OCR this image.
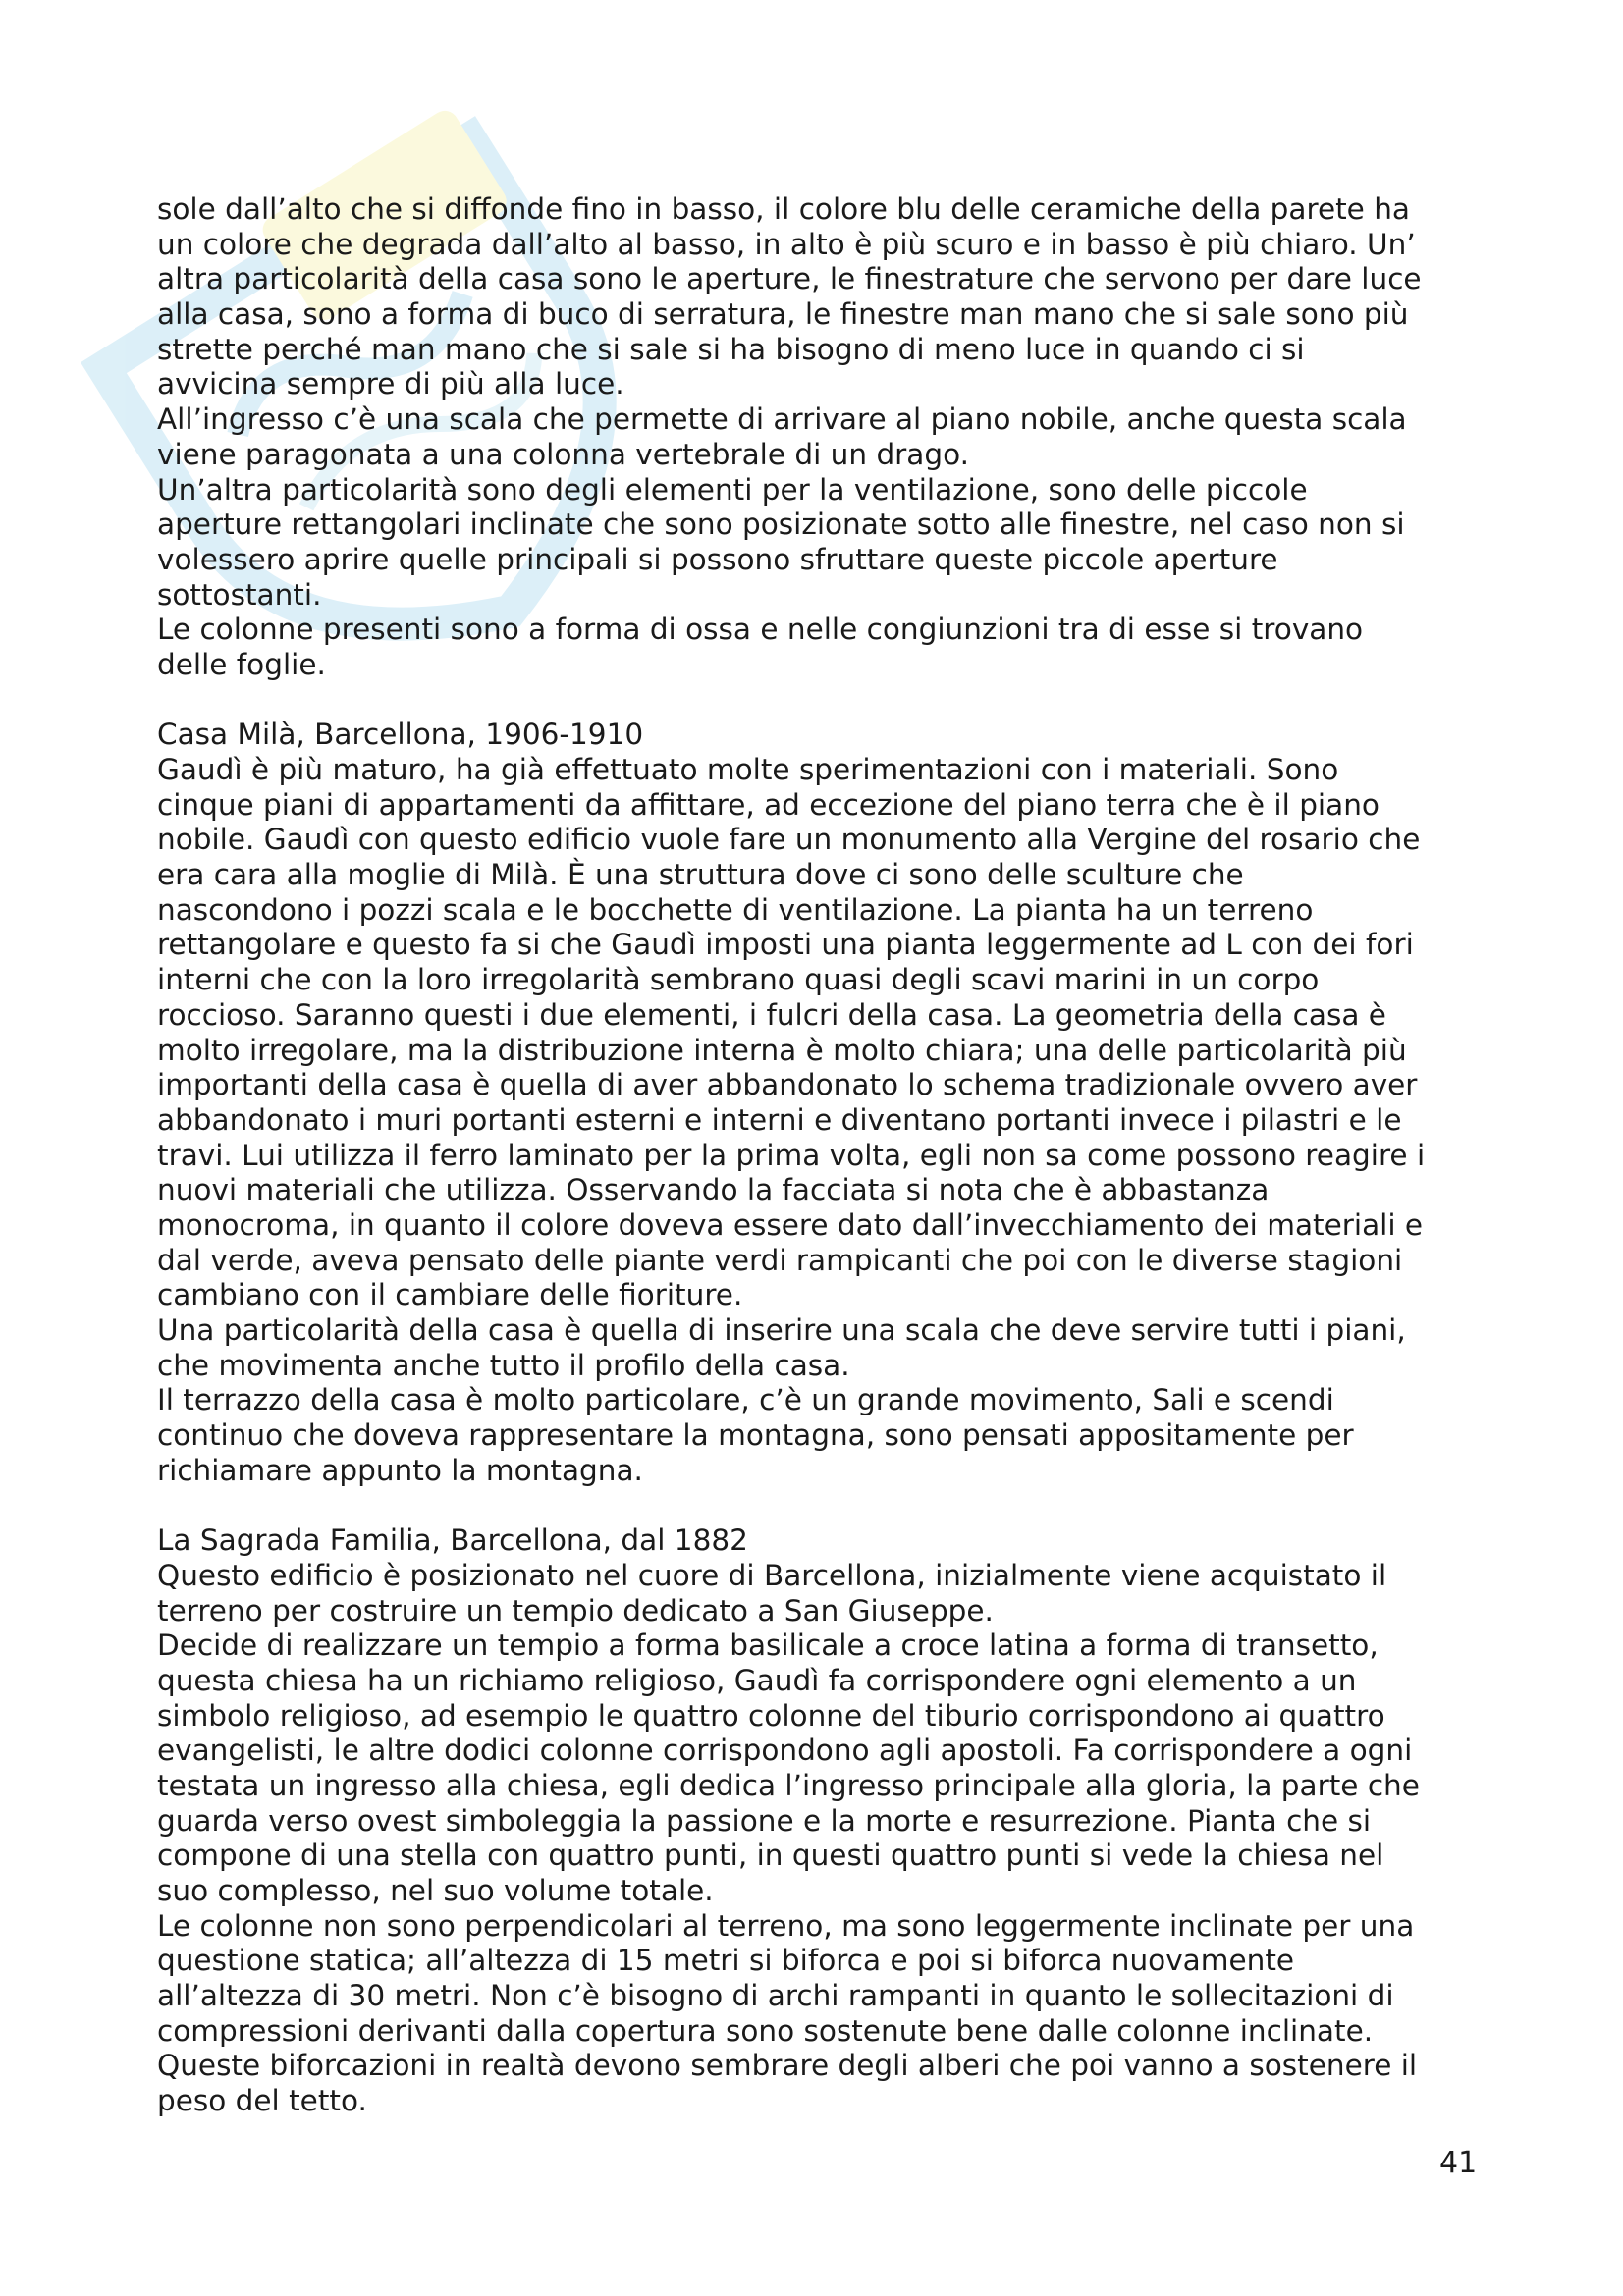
sole dall’alto che si diffonde fino in basso, il colore blu delle ceramiche della parete ha
un colore che degrada dall’alto al basso, in alto è più scuro e in basso è più chiaro. Un’
altra particolarità della casa sono le aperture, le finestrature che servono per dare luce
alla casa, sono a forma di buco di serratura, le finestre man mano che si sale sono più
strette perché man mano che si sale si ha bisogno di meno luce in quando ci si
avvicina sempre di più alla luce.
All’ingresso c’è una scala che permette di arrivare al piano nobile, anche questa scala
viene paragonata a una colonna vertebrale di un drago.
Un’altra particolarità sono degli elementi per la ventilazione, sono delle piccole
aperture rettangolari inclinate che sono posizionate sotto alle finestre, nel caso non si
volessero aprire quelle principali si possono sfruttare queste piccole aperture
sottostanti.
Le colonne presenti sono a forma di ossa e nelle congiunzioni tra di esse si trovano
delle foglie.
Casa Milà, Barcellona, 1906-1910
Gaudì è più maturo, ha già effettuato molte sperimentazioni con i materiali. Sono
cinque piani di appartamenti da affittare, ad eccezione del piano terra che è il piano
nobile. Gaudì con questo edificio vuole fare un monumento alla Vergine del rosario che
era cara alla moglie di Milà. È una struttura dove ci sono delle sculture che
nascondono i pozzi scala e le bocchette di ventilazione. La pianta ha un terreno
rettangolare e questo fa si che Gaudì imposti una pianta leggermente ad L con dei fori
interni che con la loro irregolarità sembrano quasi degli scavi marini in un corpo
roccioso. Saranno questi i due elementi, i fulcri della casa. La geometria della casa è
molto irregolare, ma la distribuzione interna è molto chiara; una delle particolarità più
importanti della casa è quella di aver abbandonato lo schema tradizionale ovvero aver
abbandonato i muri portanti esterni e interni e diventano portanti invece i pilastri e le
travi. Lui utilizza il ferro laminato per la prima volta, egli non sa come possono reagire i
nuovi materiali che utilizza. Osservando la facciata si nota che è abbastanza
monocroma, in quanto il colore doveva essere dato dall’invecchiamento dei materiali e
dal verde, aveva pensato delle piante verdi rampicanti che poi con le diverse stagioni
cambiano con il cambiare delle fioriture.
Una particolarità della casa è quella di inserire una scala che deve servire tutti i piani,
che movimenta anche tutto il profilo della casa.
Il terrazzo della casa è molto particolare, c’è un grande movimento, Sali e scendi
continuo che doveva rappresentare la montagna, sono pensati appositamente per
richiamare appunto la montagna.
La Sagrada Familia, Barcellona, dal 1882
Questo edificio è posizionato nel cuore di Barcellona, inizialmente viene acquistato il
terreno per costruire un tempio dedicato a San Giuseppe.
Decide di realizzare un tempio a forma basilicale a croce latina a forma di transetto,
questa chiesa ha un richiamo religioso, Gaudì fa corrispondere ogni elemento a un
simbolo religioso, ad esempio le quattro colonne del tiburio corrispondono ai quattro
evangelisti, le altre dodici colonne corrispondono agli apostoli. Fa corrispondere a ogni
testata un ingresso alla chiesa, egli dedica l’ingresso principale alla gloria, la parte che
guarda verso ovest simboleggia la passione e la morte e resurrezione. Pianta che si
compone di una stella con quattro punti, in questi quattro punti si vede la chiesa nel
suo complesso, nel suo volume totale.
Le colonne non sono perpendicolari al terreno, ma sono leggermente inclinate per una
questione statica; all’altezza di 15 metri si biforca e poi si biforca nuovamente
all’altezza di 30 metri. Non c’è bisogno di archi rampanti in quanto le sollecitazioni di
compressioni derivanti dalla copertura sono sostenute bene dalle colonne inclinate.
Queste biforcazioni in realtà devono sembrare degli alberi che poi vanno a sostenere il
peso del tetto.
41
